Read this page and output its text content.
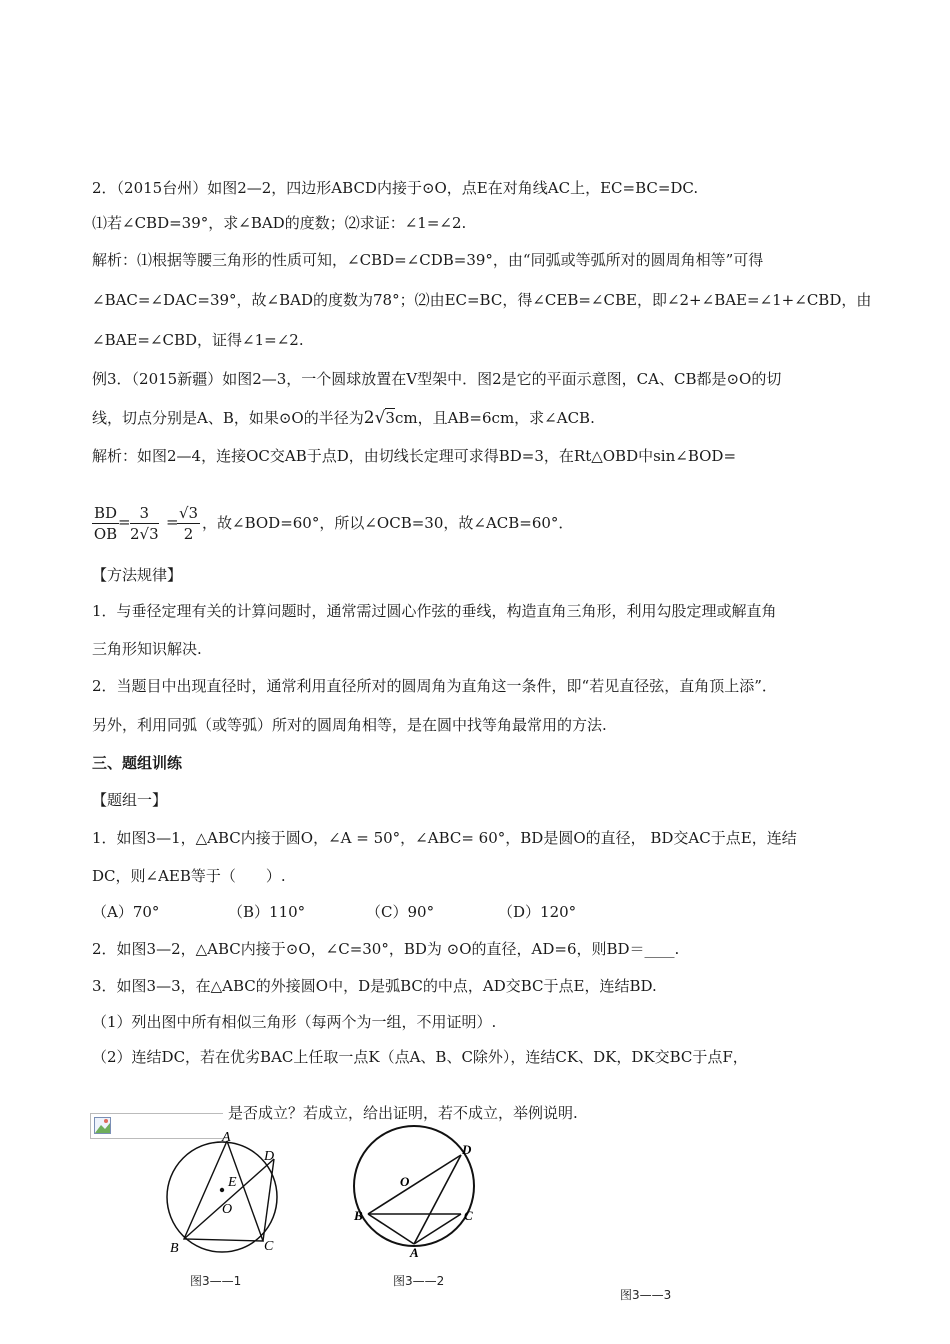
2．（2015台州）如图2—2，四边形ABCD内接于⊙O，点E在对角线AC上，EC=BC=DC.
⑴若∠CBD=39°，求∠BAD的度数；⑵求证：∠1=∠2.
解析：⑴根据等腰三角形的性质可知，∠CBD=∠CDB=39°，由“同弧或等弧所对的圆周角相等”可得
∠BAC=∠DAC=39°，故∠BAD的度数为78°；⑵由EC=BC，得∠CEB=∠CBE，即∠2+∠BAE=∠1+∠CBD，由
∠BAE=∠CBD，证得∠1=∠2.
例3．（2015新疆）如图2—3，一个圆球放置在V型架中．图2是它的平面示意图，CA、CB都是⊙O的切
线，切点分别是A、B，如果⊙O的半径为2√3cm，且AB=6cm，求∠ACB.
解析：如图2—4，连接OC交AB于点D，由切线长定理可求得BD=3，在Rt△OBD中sin∠BOD=
$\frac{BD}{OB}$
= $\frac{3}{2√3}$ =
$\frac{√3}{2}$ ，故∠BOD=60°，所以∠OCB=30，故∠ACB=60°．
【方法规律】
1．与垂径定理有关的计算问题时，通常需过圆心作弦的垂线，构造直角三角形，利用勾股定理或解直角
三角形知识解决.
2．当题目中出现直径时，通常利用直径所对的圆周角为直角这一条件，即“若见直径弦，直角顶上添”．
另外，利用同弧（或等弧）所对的圆周角相等，是在圆中找等角最常用的方法.
三、题组训练
【题组一】
1．如图3—1，△ABC内接于圆O，∠A = 50°，∠ABC= 60°，BD是圆O的直径， BD交AC于点E，连结
DC，则∠AEB等于（　　）.
（A）70°	（B）110°	（C）90°	（D）120°
2．如图3—2，△ABC内接于⊙O，∠C=30°，BD为 ⊙O的直径，AD=6，则BD＝____.
3．如图3—3，在△ABC的外接圆O中，D是弧BC的中点，AD交BC于点E，连结BD.
（1）列出图中所有相似三角形（每两个为一组，不用证明）.
（2）连结DC，若在优劣BAC上任取一点K（点A、B、C除外），连结CK、DK，DK交BC于点F，
是否成立？若成立，给出证明，若不成立，举例说明.
A
D
E
O
B	C
图3——1
D
O
B	C
A
图3——2
图3——3
